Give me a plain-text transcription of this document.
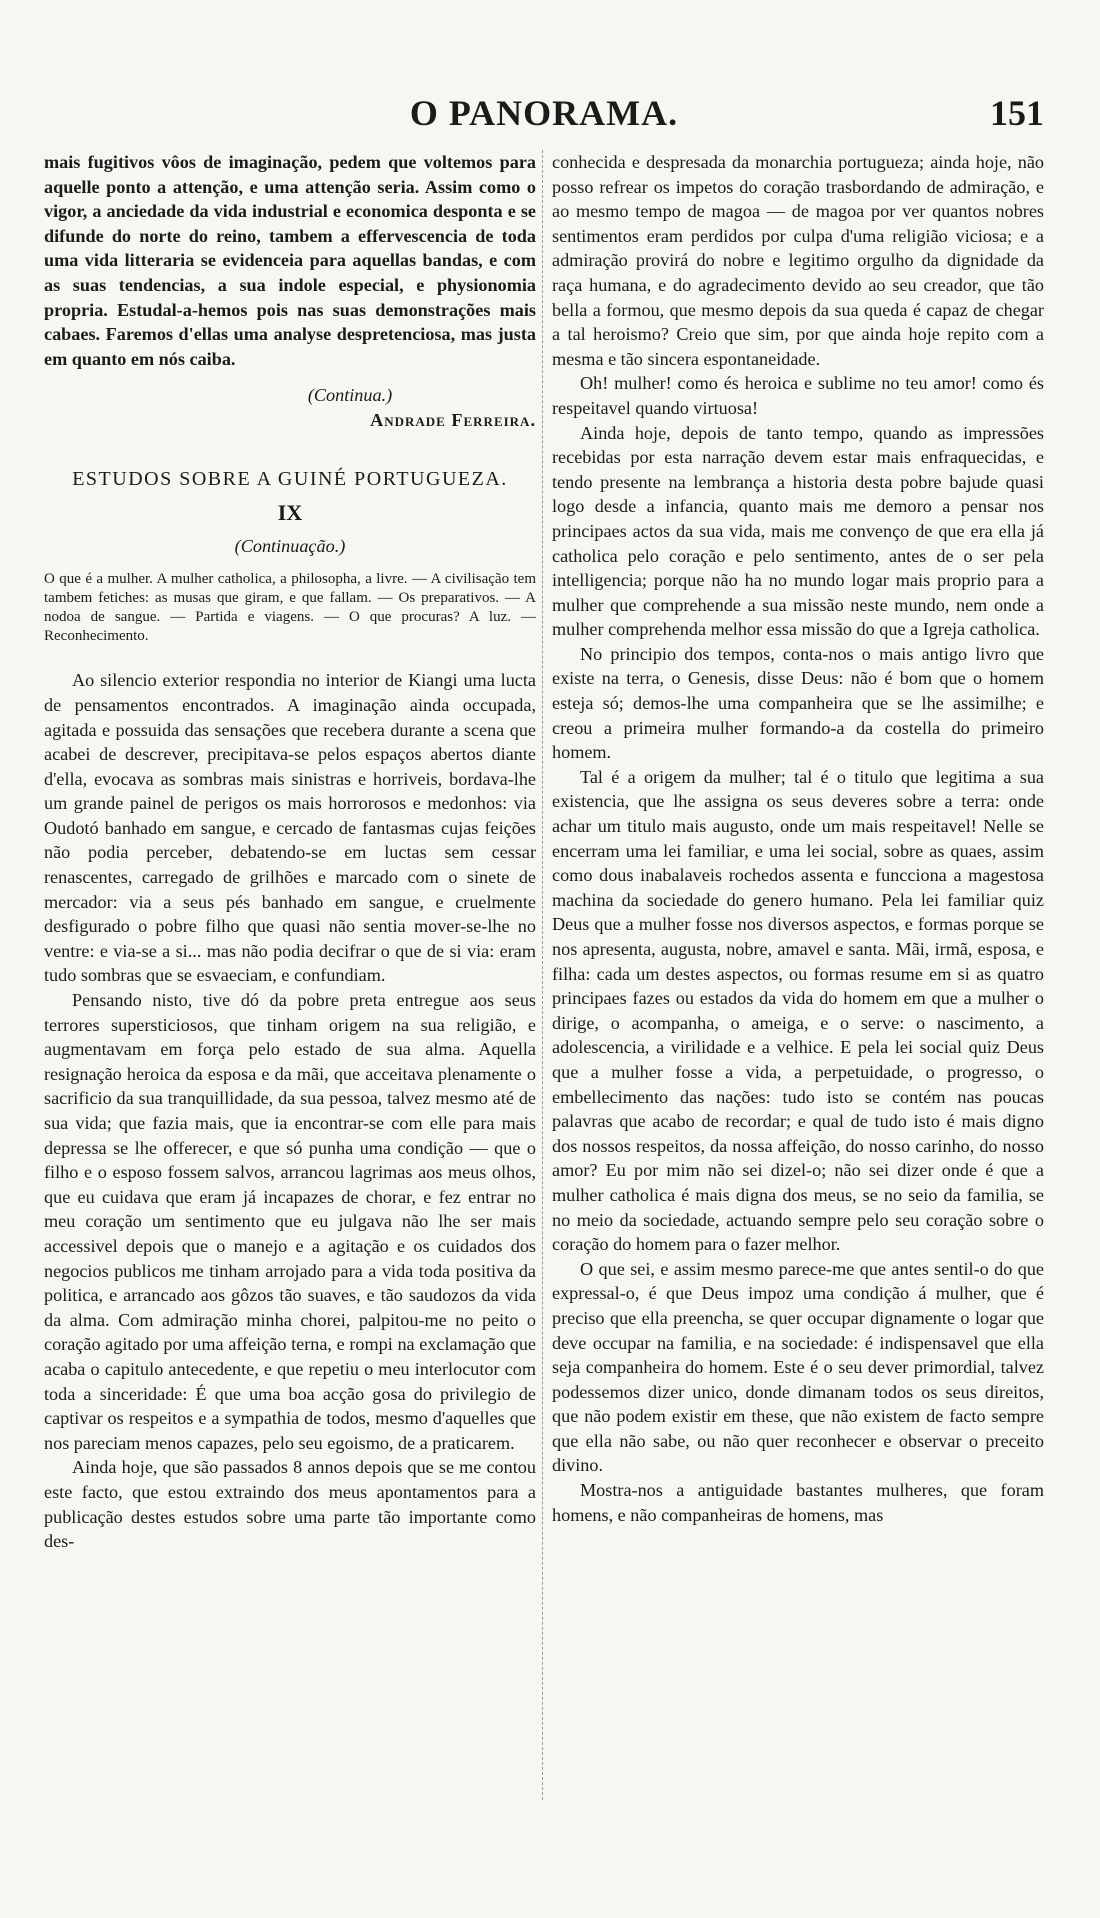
O PANORAMA.	151

mais fugitivos vôos de imaginação, pedem que voltemos para aquelle ponto a attenção, e uma attenção seria. Assim como o vigor, a anciedade da vida industrial e economica desponta e se difunde do norte do reino, tambem a effervescencia de toda uma vida litteraria se evidenceia para aquellas bandas, e com as suas tendencias, a sua indole especial, e physionomia propria. Estudal-a-hemos pois nas suas demonstrações mais cabaes. Faremos d'ellas uma analyse despretenciosa, mas justa em quanto em nós caiba.

(Continua.)

Andrade Ferreira.

ESTUDOS SOBRE A GUINÉ PORTUGUEZA.

IX

(Continuação.)

O que é a mulher. A mulher catholica, a philosopha, a livre. — A civilisação tem tambem fetiches: as musas que giram, e que fallam. — Os preparativos. — A nodoa de sangue. — Partida e viagens. — O que procuras? A luz. — Reconhecimento.

Ao silencio exterior respondia no interior de Kiangi uma lucta de pensamentos encontrados. A imaginação ainda occupada, agitada e possuida das sensações que recebera durante a scena que acabei de descrever, precipitava-se pelos espaços abertos diante d'ella, evocava as sombras mais sinistras e horriveis, bordava-lhe um grande painel de perigos os mais horrorosos e medonhos: via Oudotó banhado em sangue, e cercado de fantasmas cujas feições não podia perceber, debatendo-se em luctas sem cessar renascentes, carregado de grilhões e marcado com o sinete de mercador: via a seus pés banhado em sangue, e cruelmente desfigurado o pobre filho que quasi não sentia mover-se-lhe no ventre: e via-se a si... mas não podia decifrar o que de si via: eram tudo sombras que se esvaeciam, e confundiam.

Pensando nisto, tive dó da pobre preta entregue aos seus terrores supersticiosos, que tinham origem na sua religião, e augmentavam em força pelo estado de sua alma. Aquella resignação heroica da esposa e da mãi, que acceitava plenamente o sacrificio da sua tranquillidade, da sua pessoa, talvez mesmo até de sua vida; que fazia mais, que ia encontrar-se com elle para mais depressa se lhe offerecer, e que só punha uma condição — que o filho e o esposo fossem salvos, arrancou lagrimas aos meus olhos, que eu cuidava que eram já incapazes de chorar, e fez entrar no meu coração um sentimento que eu julgava não lhe ser mais accessivel depois que o manejo e a agitação e os cuidados dos negocios publicos me tinham arrojado para a vida toda positiva da politica, e arrancado aos gôzos tão suaves, e tão saudozos da vida da alma. Com admiração minha chorei, palpitou-me no peito o coração agitado por uma affeição terna, e rompi na exclamação que acaba o capitulo antecedente, e que repetiu o meu interlocutor com toda a sinceridade: É que uma boa acção gosa do privilegio de captivar os respeitos e a sympathia de todos, mesmo d'aquelles que nos pareciam menos capazes, pelo seu egoismo, de a praticarem.

Ainda hoje, que são passados 8 annos depois que se me contou este facto, que estou extraindo dos meus apontamentos para a publicação destes estudos sobre uma parte tão importante como des-

conhecida e despresada da monarchia portugueza; ainda hoje, não posso refrear os impetos do coração trasbordando de admiração, e ao mesmo tempo de magoa — de magoa por ver quantos nobres sentimentos eram perdidos por culpa d'uma religião viciosa; e a admiração provirá do nobre e legitimo orgulho da dignidade da raça humana, e do agradecimento devido ao seu creador, que tão bella a formou, que mesmo depois da sua queda é capaz de chegar a tal heroismo? Creio que sim, por que ainda hoje repito com a mesma e tão sincera espontaneidade.

Oh! mulher! como és heroica e sublime no teu amor! como és respeitavel quando virtuosa!

Ainda hoje, depois de tanto tempo, quando as impressões recebidas por esta narração devem estar mais enfraquecidas, e tendo presente na lembrança a historia desta pobre bajude quasi logo desde a infancia, quanto mais me demoro a pensar nos principaes actos da sua vida, mais me convenço de que era ella já catholica pelo coração e pelo sentimento, antes de o ser pela intelligencia; porque não ha no mundo logar mais proprio para a mulher que comprehende a sua missão neste mundo, nem onde a mulher comprehenda melhor essa missão do que a Igreja catholica.

No principio dos tempos, conta-nos o mais antigo livro que existe na terra, o Genesis, disse Deus: não é bom que o homem esteja só; demos-lhe uma companheira que se lhe assimilhe; e creou a primeira mulher formando-a da costella do primeiro homem.

Tal é a origem da mulher; tal é o titulo que legitima a sua existencia, que lhe assigna os seus deveres sobre a terra: onde achar um titulo mais augusto, onde um mais respeitavel! Nelle se encerram uma lei familiar, e uma lei social, sobre as quaes, assim como dous inabalaveis rochedos assenta e funcciona a magestosa machina da sociedade do genero humano. Pela lei familiar quiz Deus que a mulher fosse nos diversos aspectos, e formas porque se nos apresenta, augusta, nobre, amavel e santa. Mãi, irmã, esposa, e filha: cada um destes aspectos, ou formas resume em si as quatro principaes fazes ou estados da vida do homem em que a mulher o dirige, o acompanha, o ameiga, e o serve: o nascimento, a adolescencia, a virilidade e a velhice. E pela lei social quiz Deus que a mulher fosse a vida, a perpetuidade, o progresso, o embellecimento das nações: tudo isto se contém nas poucas palavras que acabo de recordar; e qual de tudo isto é mais digno dos nossos respeitos, da nossa affeição, do nosso carinho, do nosso amor? Eu por mim não sei dizel-o; não sei dizer onde é que a mulher catholica é mais digna dos meus, se no seio da familia, se no meio da sociedade, actuando sempre pelo seu coração sobre o coração do homem para o fazer melhor.

O que sei, e assim mesmo parece-me que antes sentil-o do que expressal-o, é que Deus impoz uma condição á mulher, que é preciso que ella preencha, se quer occupar dignamente o logar que deve occupar na familia, e na sociedade: é indispensavel que ella seja companheira do homem. Este é o seu dever primordial, talvez podessemos dizer unico, donde dimanam todos os seus direitos, que não podem existir em these, que não existem de facto sempre que ella não sabe, ou não quer reconhecer e observar o preceito divino.

Mostra-nos a antiguidade bastantes mulheres, que foram homens, e não companheiras de homens, mas
